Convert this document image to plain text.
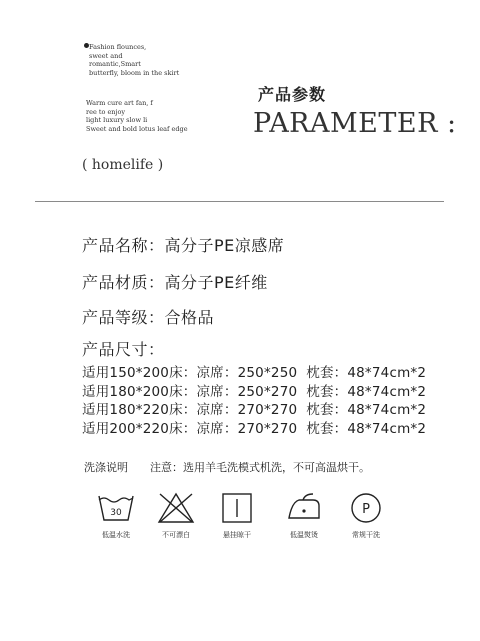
Fashion flounces,
sweet and
romantic,Smart
butterfly, bloom in the skirt
Warm cure art fan, f
ree to enjoy
light luxury slow li
Sweet and bold lotus leaf edge
产品参数
PARAMETER :
( homelife )
产品名称：高分子PE凉感席
产品材质：高分子PE纤维
产品等级：合格品
产品尺寸：
适用150*200床：凉席：250*250  枕套：48*74cm*2
适用180*200床：凉席：250*270  枕套：48*74cm*2
适用180*220床：凉席：270*270  枕套：48*74cm*2
适用200*220床：凉席：270*270  枕套：48*74cm*2
洗涤说明 注意：选用羊毛洗模式机洗，不可高温烘干。
30	P
低温水洗	不可漂白	悬挂晾干	低温熨烫	常规干洗
